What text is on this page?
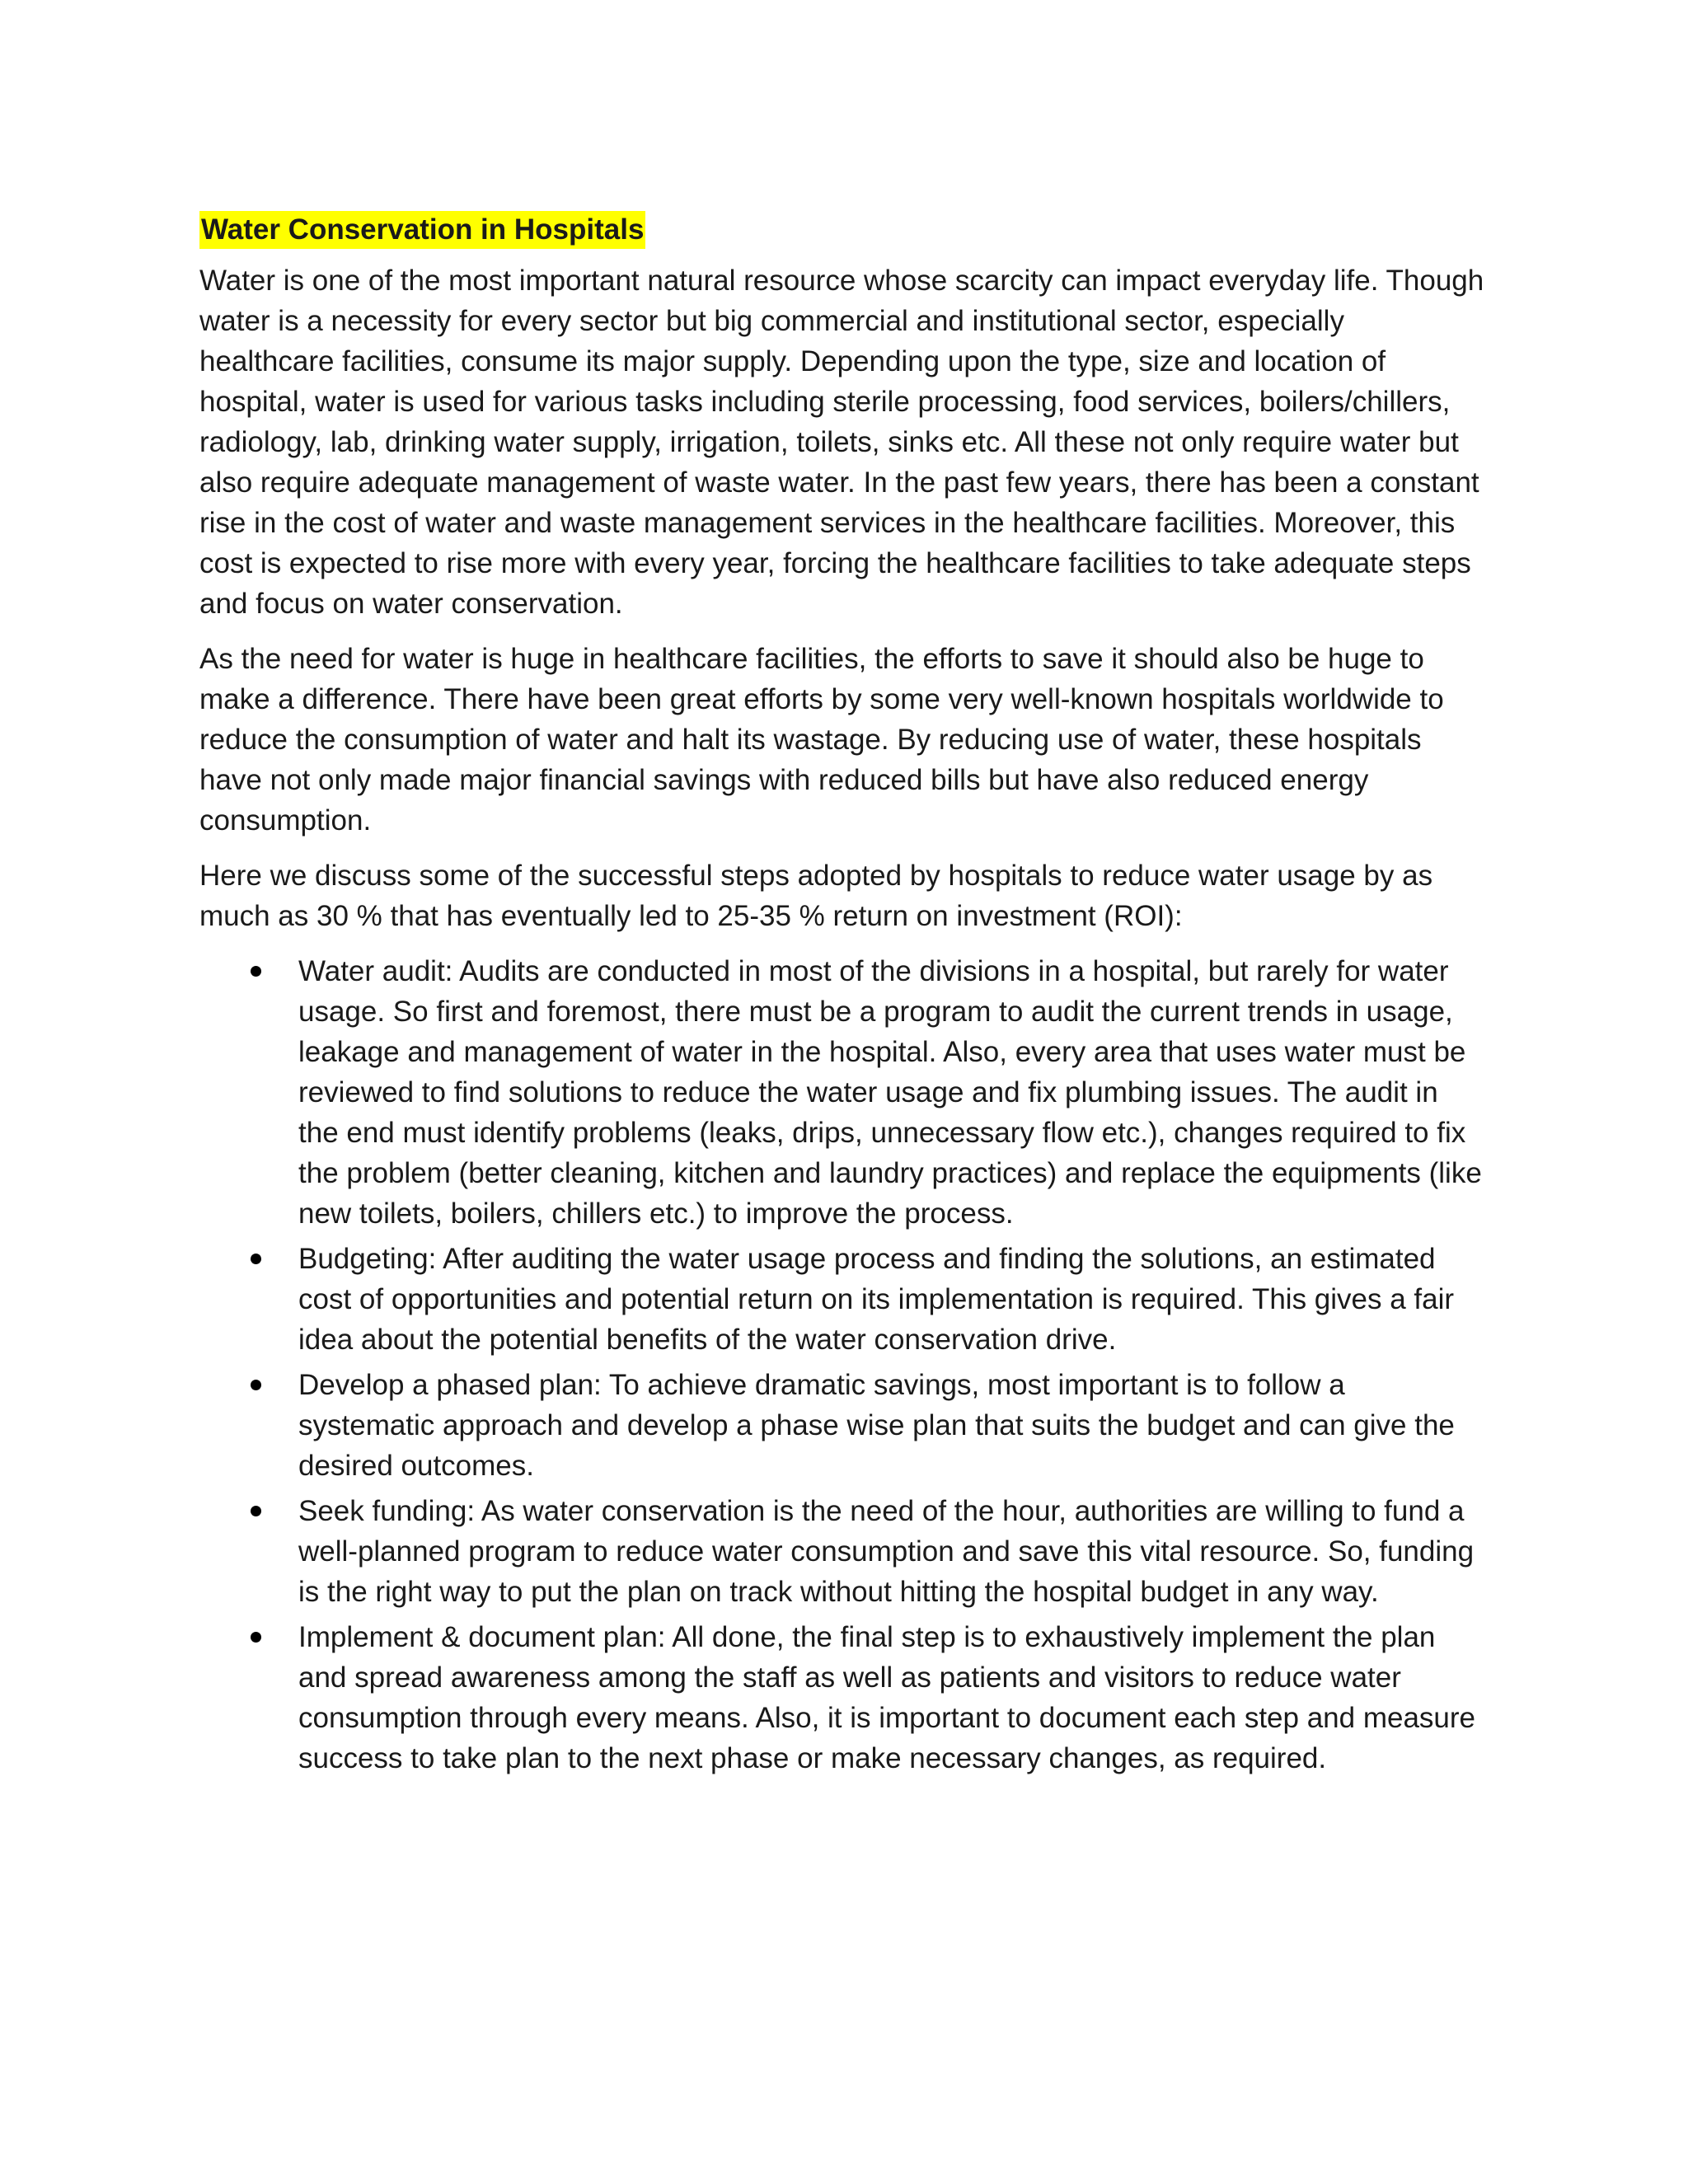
Water Conservation in Hospitals

Water is one of the most important natural resource whose scarcity can impact everyday life. Though water is a necessity for every sector but big commercial and institutional sector, especially healthcare facilities, consume its major supply. Depending upon the type, size and location of hospital, water is used for various tasks including sterile processing, food services, boilers/chillers, radiology, lab, drinking water supply, irrigation, toilets, sinks etc. All these not only require water but also require adequate management of waste water. In the past few years, there has been a constant rise in the cost of water and waste management services in the healthcare facilities. Moreover, this cost is expected to rise more with every year, forcing the healthcare facilities to take adequate steps and focus on water conservation.

As the need for water is huge in healthcare facilities, the efforts to save it should also be huge to make a difference. There have been great efforts by some very well-known hospitals worldwide to reduce the consumption of water and halt its wastage. By reducing use of water, these hospitals have not only made major financial savings with reduced bills but have also reduced energy consumption.

Here we discuss some of the successful steps adopted by hospitals to reduce water usage by as much as 30 % that has eventually led to 25-35 % return on investment (ROI):

Water audit: Audits are conducted in most of the divisions in a hospital, but rarely for water usage. So first and foremost, there must be a program to audit the current trends in usage, leakage and management of water in the hospital. Also, every area that uses water must be reviewed to find solutions to reduce the water usage and fix plumbing issues. The audit in the end must identify problems (leaks, drips, unnecessary flow etc.), changes required to fix the problem (better cleaning, kitchen and laundry practices) and replace the equipments (like new toilets, boilers, chillers etc.) to improve the process.
Budgeting: After auditing the water usage process and finding the solutions, an estimated cost of opportunities and potential return on its implementation is required. This gives a fair idea about the potential benefits of the water conservation drive.
Develop a phased plan: To achieve dramatic savings, most important is to follow a systematic approach and develop a phase wise plan that suits the budget and can give the desired outcomes.
Seek funding: As water conservation is the need of the hour, authorities are willing to fund a well-planned program to reduce water consumption and save this vital resource. So, funding is the right way to put the plan on track without hitting the hospital budget in any way.
Implement & document plan: All done, the final step is to exhaustively implement the plan and spread awareness among the staff as well as patients and visitors to reduce water consumption through every means. Also, it is important to document each step and measure success to take plan to the next phase or make necessary changes, as required.
